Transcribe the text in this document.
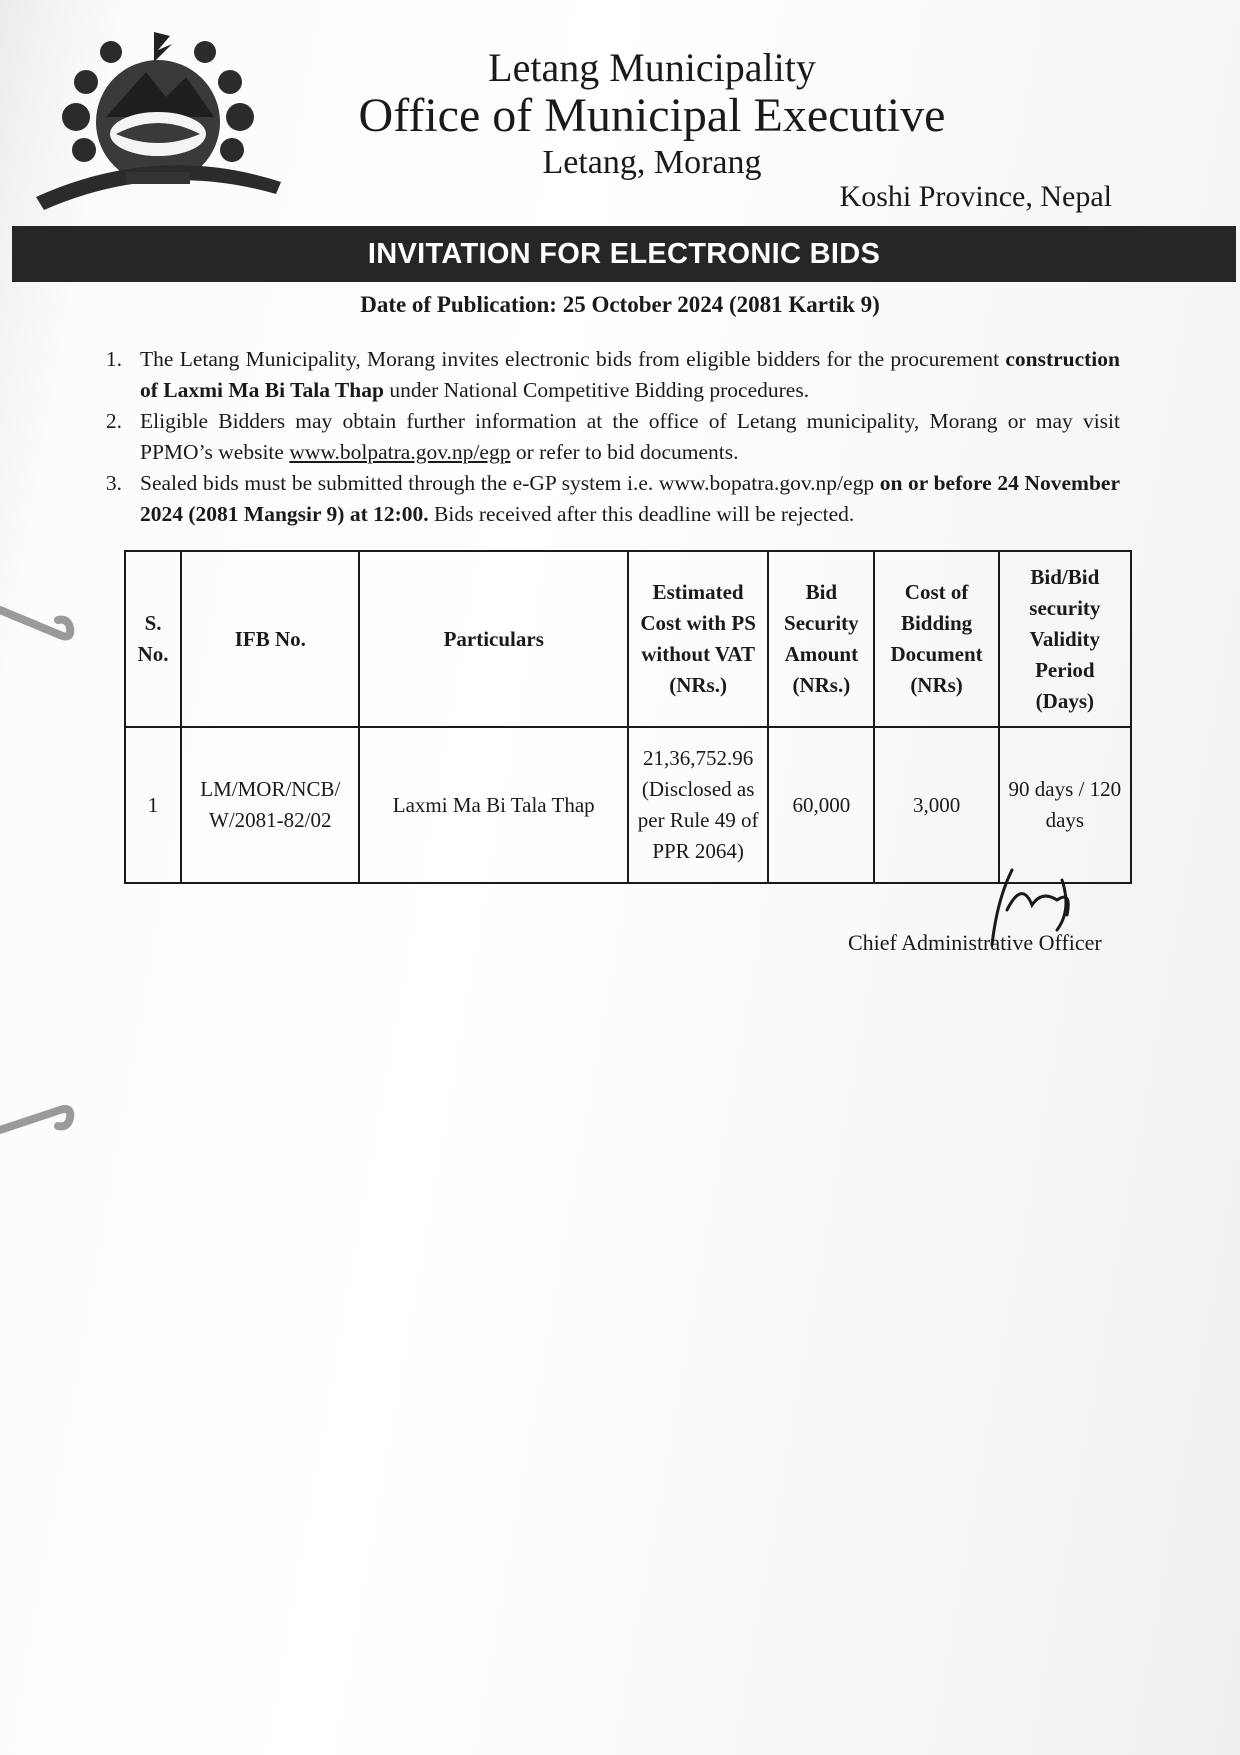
Letang Municipality
Office of Municipal Executive
Letang, Morang
Koshi Province, Nepal
INVITATION FOR ELECTRONIC BIDS
Date of Publication: 25 October 2024 (2081 Kartik 9)
1. The Letang Municipality, Morang invites electronic bids from eligible bidders for the procurement construction of Laxmi Ma Bi Tala Thap under National Competitive Bidding procedures.
2. Eligible Bidders may obtain further information at the office of Letang municipality, Morang or may visit PPMO’s website www.bolpatra.gov.np/egp or refer to bid documents.
3. Sealed bids must be submitted through the e-GP system i.e. www.bopatra.gov.np/egp on or before 24 November 2024 (2081 Mangsir 9) at 12:00. Bids received after this deadline will be rejected.
S. No.	IFB No.	Particulars	Estimated Cost with PS without VAT (NRs.)	Bid Security Amount (NRs.)	Cost of Bidding Document (NRs)	Bid/Bid security Validity Period (Days)
1	LM/MOR/NCB/ W/2081-82/02	Laxmi Ma Bi Tala Thap	21,36,752.96 (Disclosed as per Rule 49 of PPR 2064)	60,000	3,000	90 days / 120 days
Chief Administrative Officer
